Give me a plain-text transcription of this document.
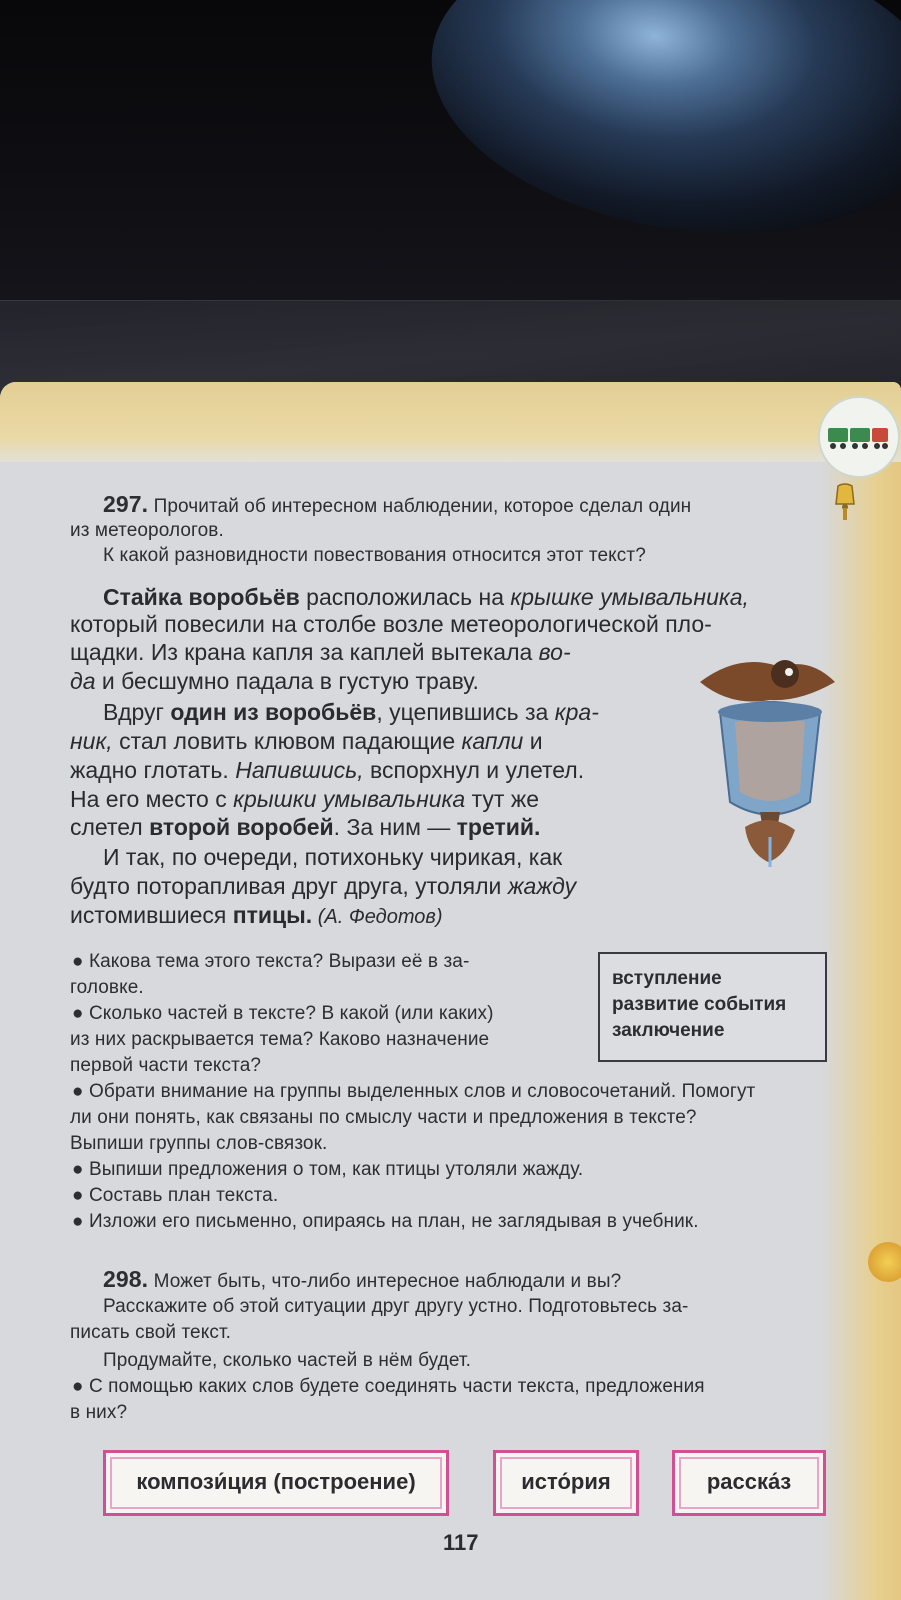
297. Прочитай об интересном наблюдении, которое сделал один
из метеорологов.
К какой разновидности повествования относится этот текст?
Стайка воробьёв расположилась на крышке умывальника,
который повесили на столбе возле метеорологической пло-
щадки. Из крана капля за каплей вытекала во-
да и бесшумно падала в густую траву.
Вдруг один из воробьёв, уцепившись за кра-
ник, стал ловить клювом падающие капли и
жадно глотать. Напившись, вспорхнул и улетел.
На его место с крышки умывальника тут же
слетел второй воробей. За ним — третий.
И так, по очереди, потихоньку чирикая, как
будто поторапливая друг друга, утоляли жажду
истомившиеся птицы. (А. Федотов)
● Какова тема этого текста? Вырази её в за-
головке.
● Сколько частей в тексте? В какой (или каких)
из них раскрывается тема? Каково назначение
первой части текста?
● Обрати внимание на группы выделенных слов и словосочетаний. Помогут
ли они понять, как связаны по смыслу части и предложения в тексте?
Выпиши группы слов-связок.
● Выпиши предложения о том, как птицы утоляли жажду.
● Составь план текста.
● Изложи его письменно, опираясь на план, не заглядывая в учебник.
вступление
развитие события
заключение
298. Может быть, что-либо интересное наблюдали и вы?
Расскажите об этой ситуации друг другу устно. Подготовьтесь за-
писать свой текст.
Продумайте, сколько частей в нём будет.
● С помощью каких слов будете соединять части текста, предложения
в них?
компози́ция (построение)	исто́рия	расска́з
117
